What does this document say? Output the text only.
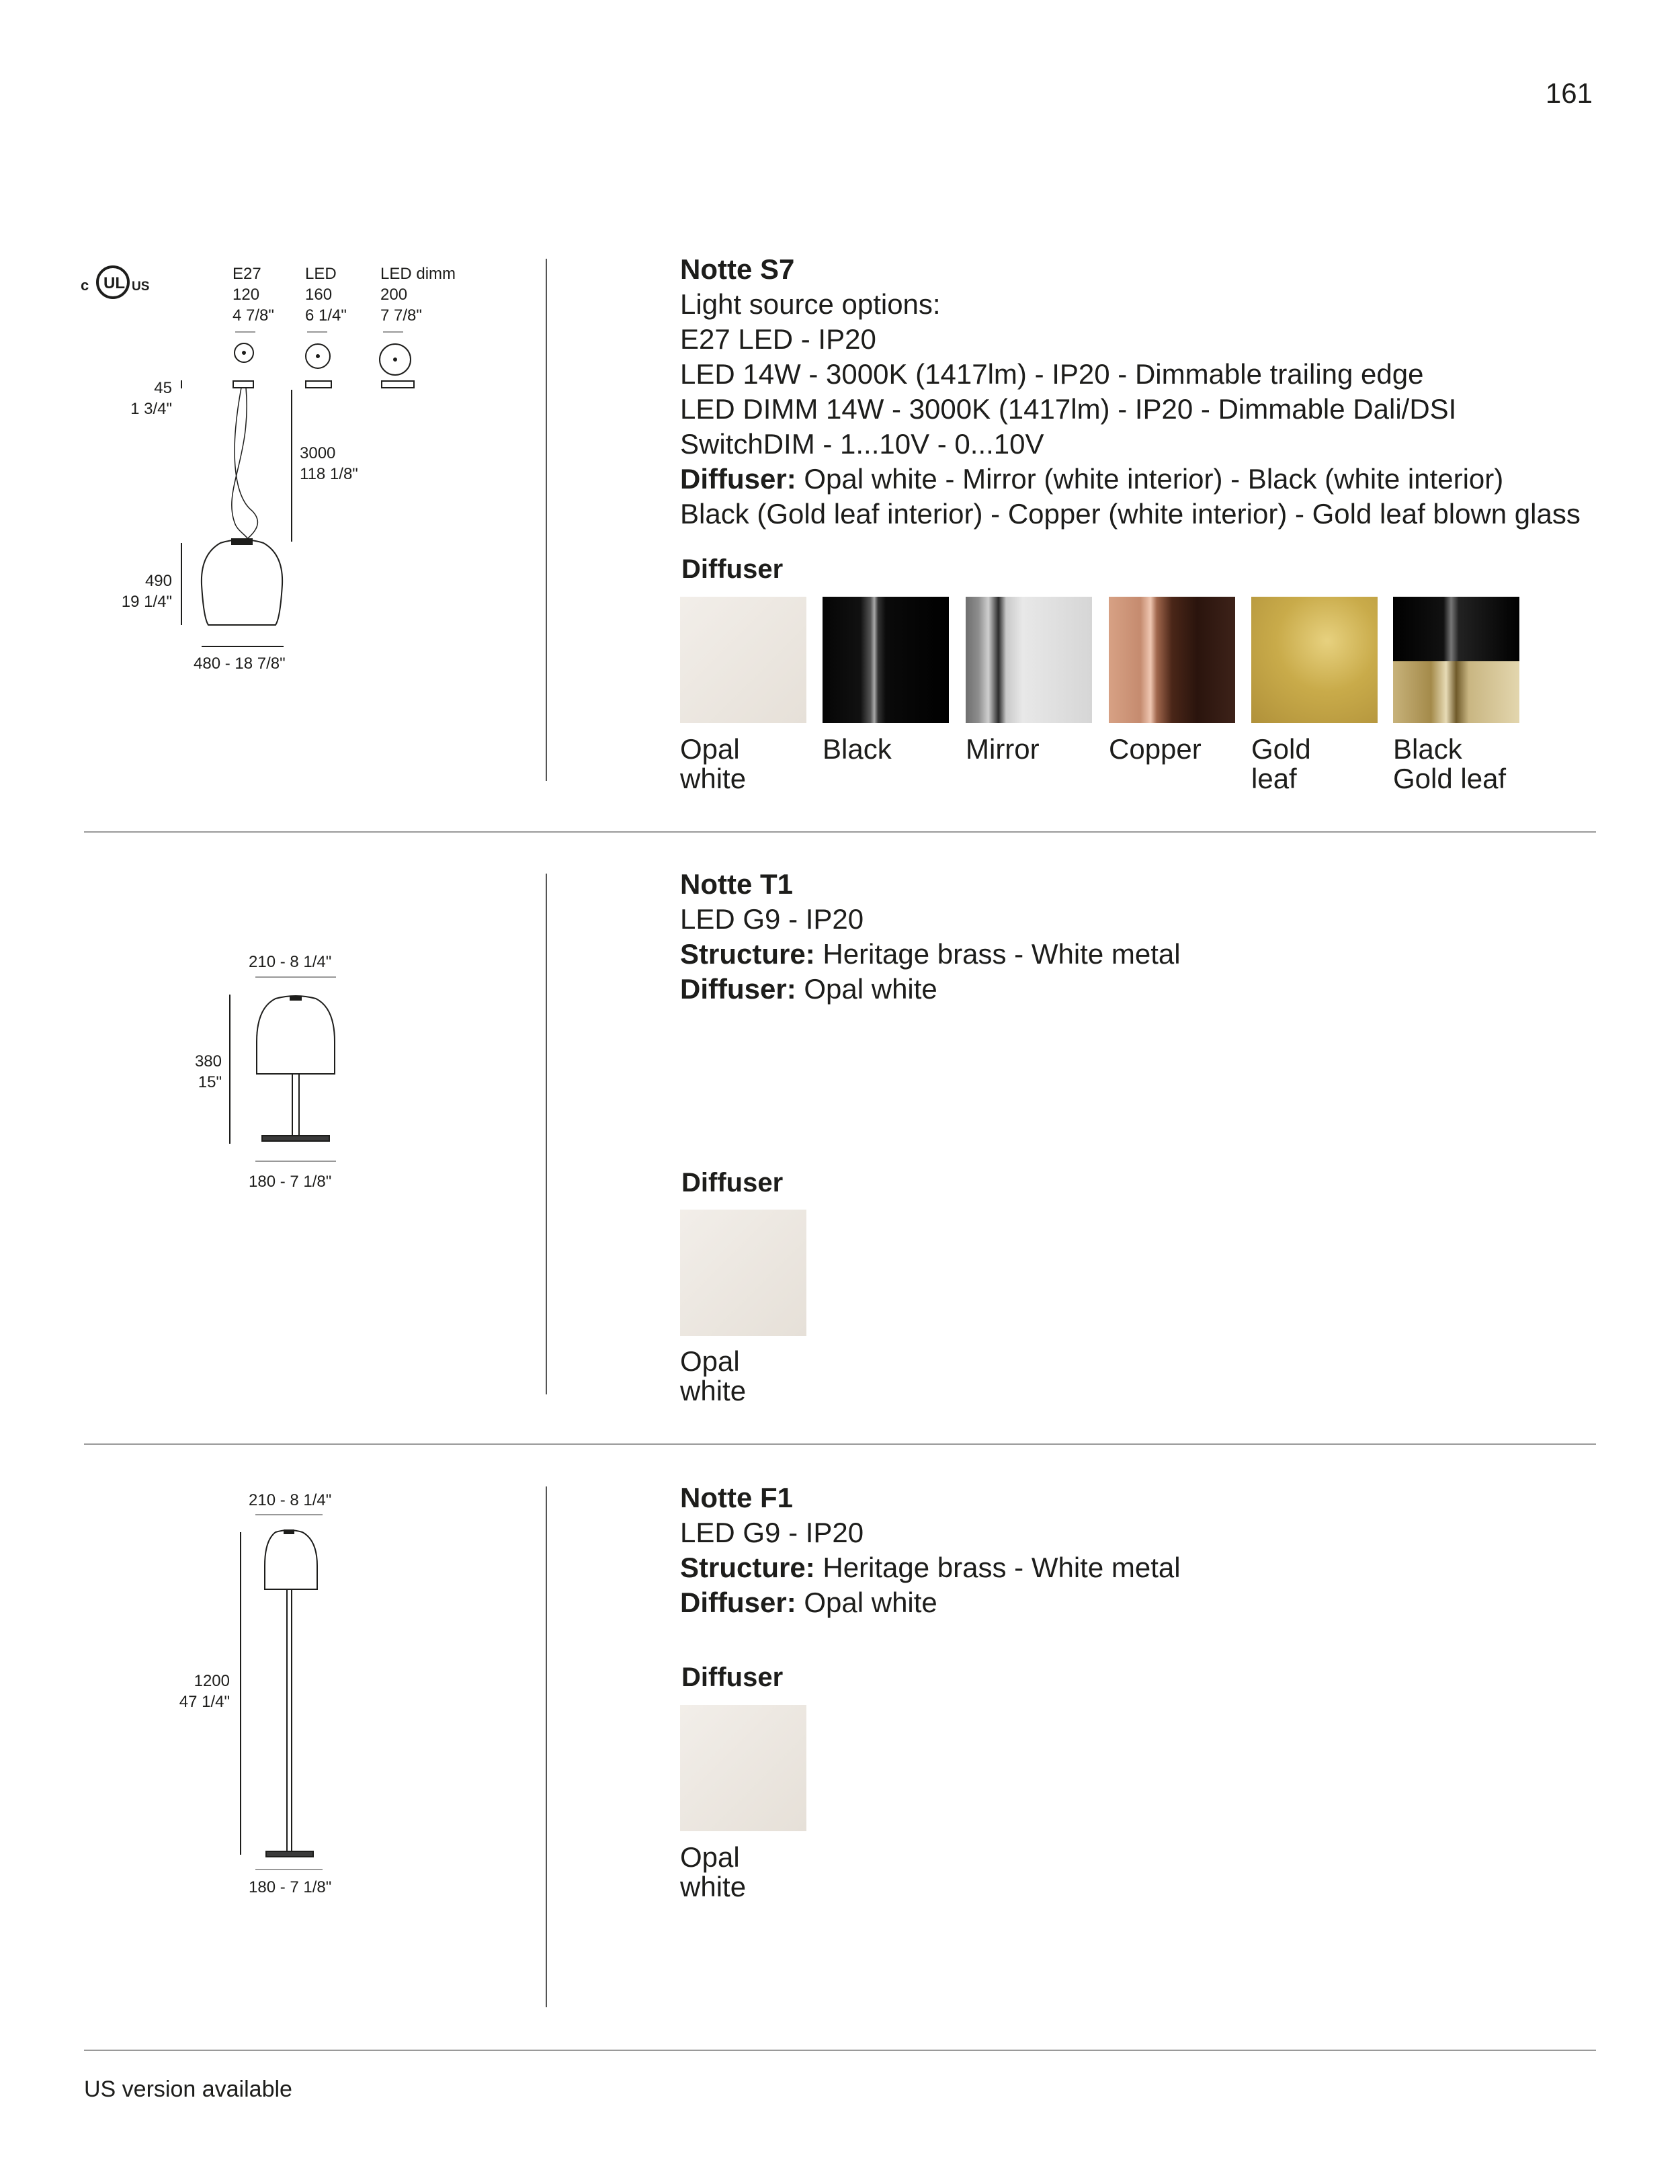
161
c UL US
E27
120
4 7/8"
LED
160
6 1/4"
LED dimm
200
7 7/8"
45
1 3/4"
3000
118 1/8"
490
19 1/4"
480 - 18 7/8"
Notte S7
Light source options:
E27 LED - IP20
LED 14W - 3000K (1417lm) - IP20 - Dimmable trailing edge
LED DIMM 14W - 3000K (1417lm) - IP20 - Dimmable Dali/DSI
SwitchDIM - 1...10V - 0...10V
Diffuser: Opal white - Mirror (white interior) - Black (white interior)
Black (Gold leaf interior) - Copper (white interior) - Gold leaf blown glass
Diffuser
Opal
white
Black	Mirror Copper Gold
leaf
Black
Gold leaf
210 - 8 1/4"
380
15"
180 - 7 1/8"
Notte T1
LED G9 - IP20
Structure: Heritage brass - White metal
Diffuser: Opal white
Diffuser
Opal
white
210 - 8 1/4"
1200
47 1/4"
180 - 7 1/8"
Notte F1
LED G9 - IP20
Structure: Heritage brass - White metal
Diffuser: Opal white
Diffuser
Opal
white
US version available
